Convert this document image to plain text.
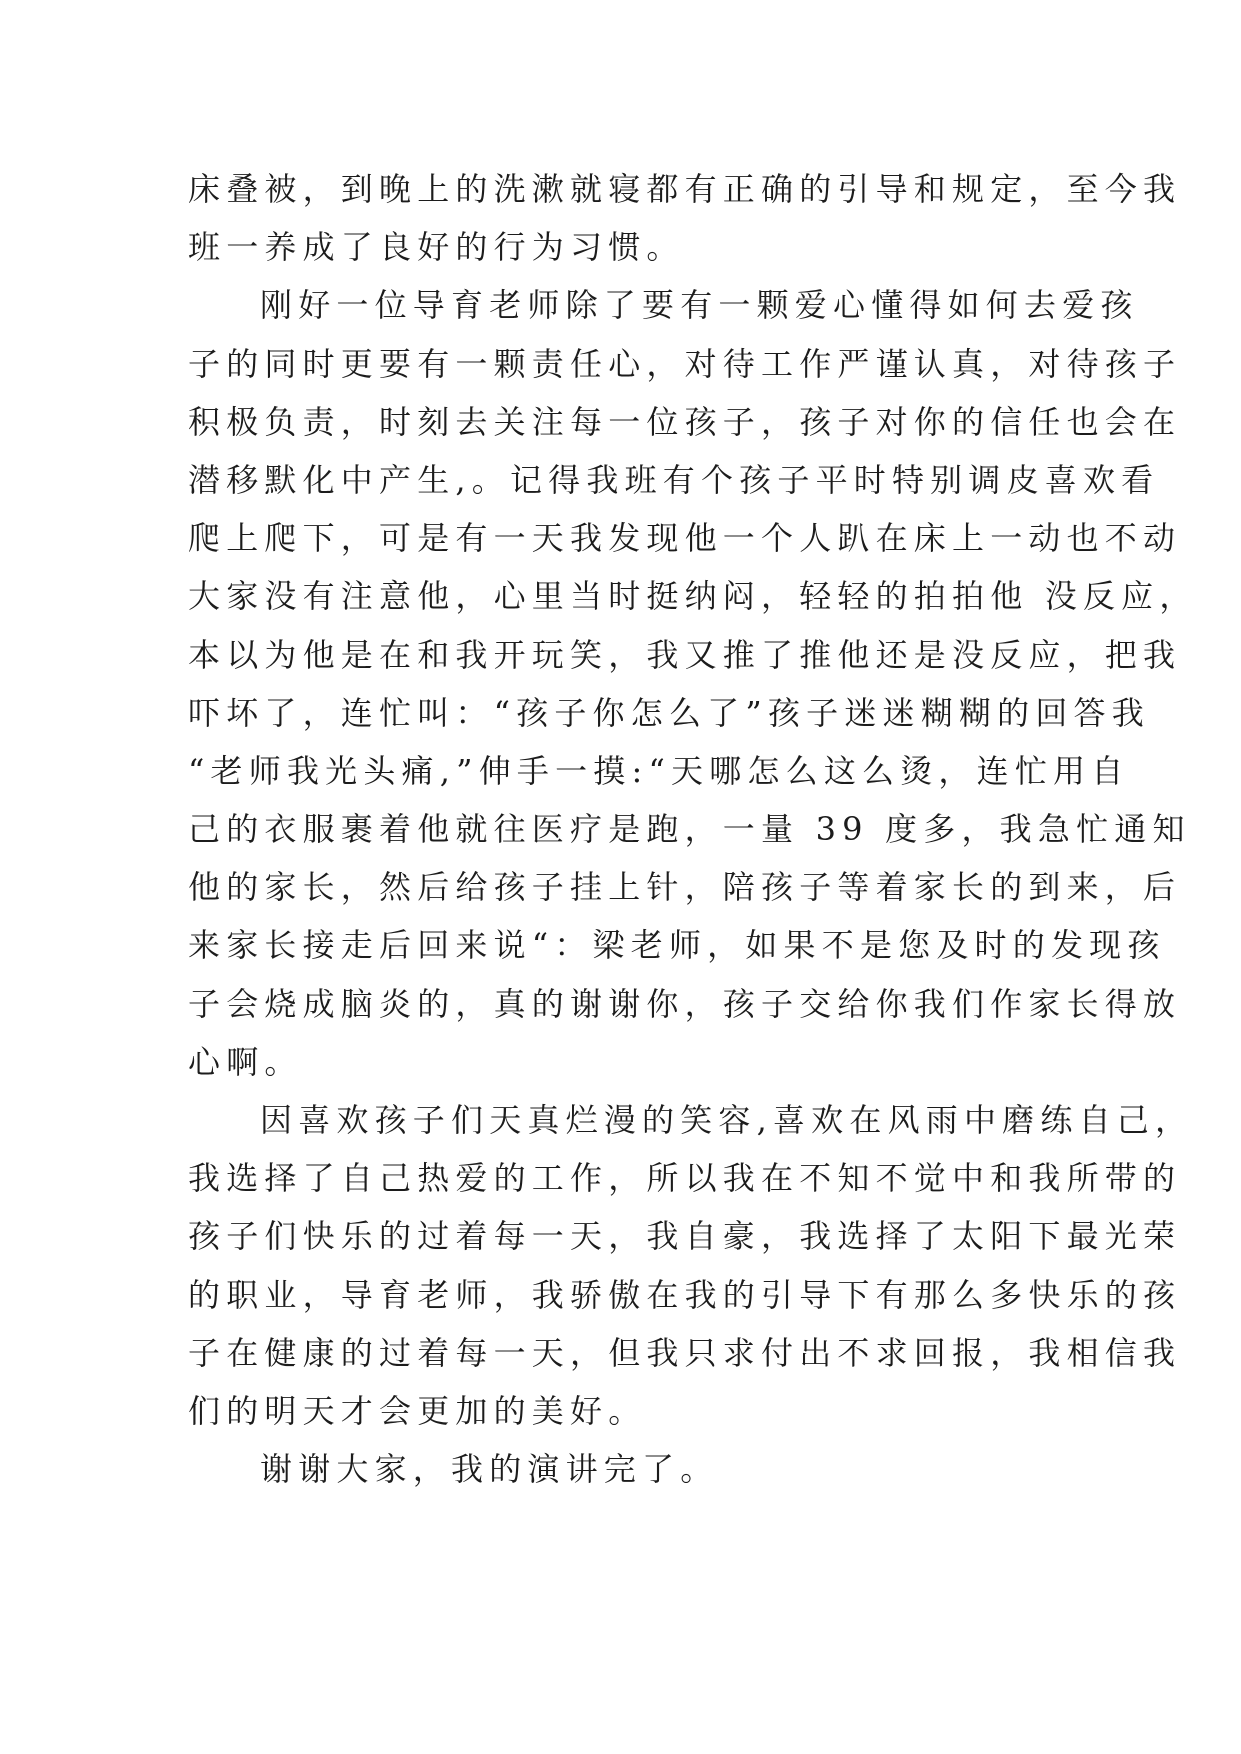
床叠被，到晚上的洗漱就寝都有正确的引导和规定，至今我
班一养成了良好的行为习惯。
刚好一位导育老师除了要有一颗爱心懂得如何去爱孩
子的同时更要有一颗责任心，对待工作严谨认真，对待孩子
积极负责，时刻去关注每一位孩子，孩子对你的信任也会在
潜移默化中产生,。记得我班有个孩子平时特别调皮喜欢看
爬上爬下，可是有一天我发现他一个人趴在床上一动也不动
大家没有注意他，心里当时挺纳闷，轻轻的拍拍他 没反应，
本以为他是在和我开玩笑，我又推了推他还是没反应，把我
吓坏了，连忙叫：“孩子你怎么了”孩子迷迷糊糊的回答我
“老师我光头痛,”伸手一摸:“天哪怎么这么烫，连忙用自
己的衣服裹着他就往医疗是跑，一量 39 度多，我急忙通知
他的家长，然后给孩子挂上针，陪孩子等着家长的到来，后
来家长接走后回来说“：梁老师，如果不是您及时的发现孩
子会烧成脑炎的，真的谢谢你，孩子交给你我们作家长得放
心啊。
因喜欢孩子们天真烂漫的笑容,喜欢在风雨中磨练自己，
我选择了自己热爱的工作，所以我在不知不觉中和我所带的
孩子们快乐的过着每一天，我自豪，我选择了太阳下最光荣
的职业，导育老师，我骄傲在我的引导下有那么多快乐的孩
子在健康的过着每一天，但我只求付出不求回报，我相信我
们的明天才会更加的美好。
谢谢大家，我的演讲完了。
